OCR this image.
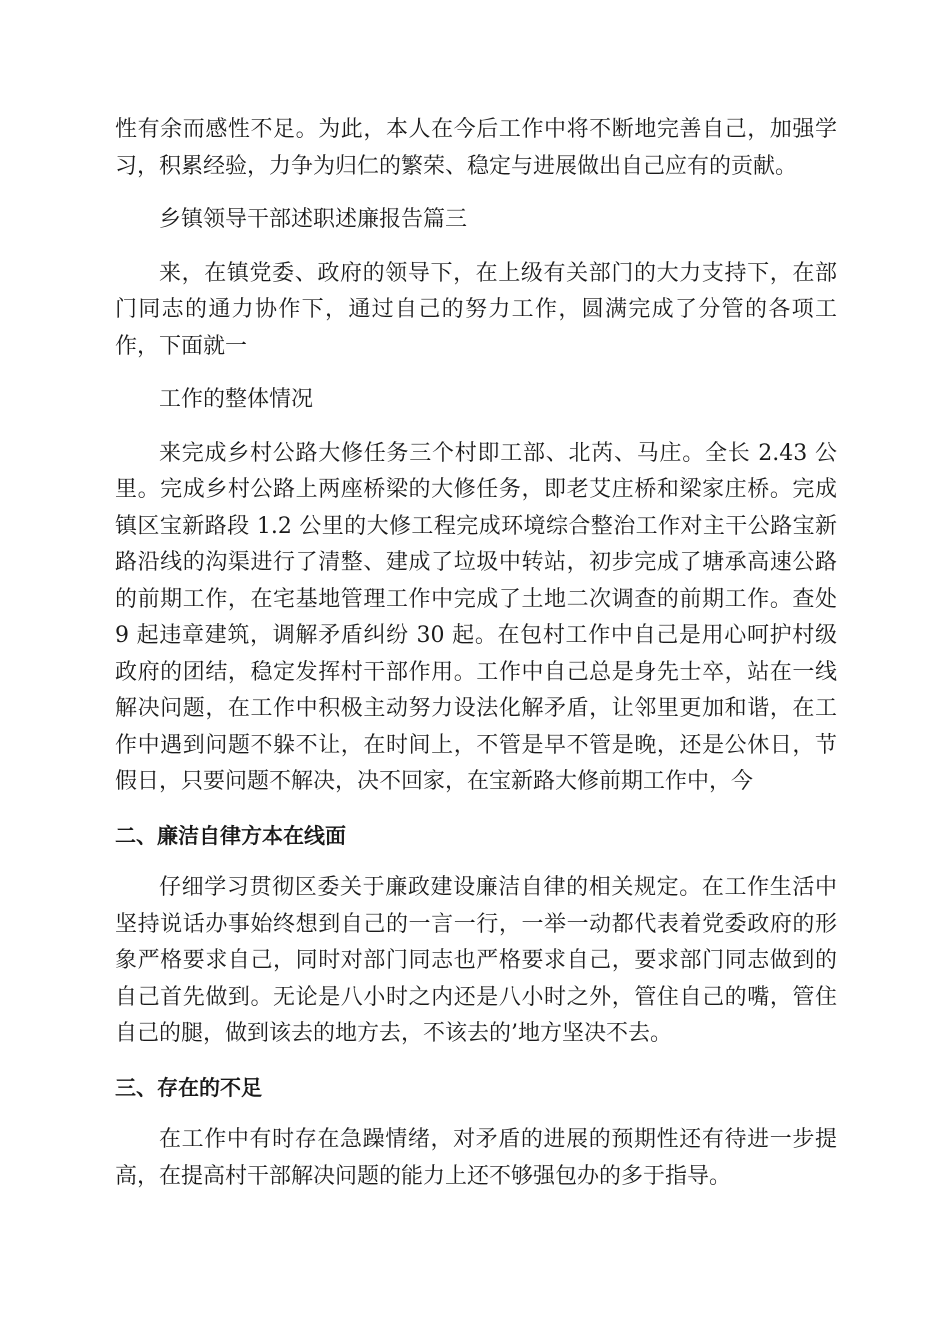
性有余而感性不足。为此，本人在今后工作中将不断地完善自己，加强学习，积累经验，力争为归仁的繁荣、稳定与进展做出自己应有的贡献。

乡镇领导干部述职述廉报告篇三

来，在镇党委、政府的领导下，在上级有关部门的大力支持下，在部门同志的通力协作下，通过自己的努力工作，圆满完成了分管的各项工作，下面就一

工作的整体情况

来完成乡村公路大修任务三个村即工部、北芮、马庄。全长 2.43 公里。完成乡村公路上两座桥梁的大修任务，即老艾庄桥和梁家庄桥。完成镇区宝新路段 1.2 公里的大修工程完成环境综合整治工作对主干公路宝新路沿线的沟渠进行了清整、建成了垃圾中转站，初步完成了塘承高速公路的前期工作，在宅基地管理工作中完成了土地二次调查的前期工作。查处 9 起违章建筑，调解矛盾纠纷 30 起。在包村工作中自己是用心呵护村级政府的团结，稳定发挥村干部作用。工作中自己总是身先士卒，站在一线解决问题，在工作中积极主动努力设法化解矛盾，让邻里更加和谐，在工作中遇到问题不躲不让，在时间上，不管是早不管是晚，还是公休日，节假日，只要问题不解决，决不回家，在宝新路大修前期工作中，今

二、廉洁自律方本在线面

仔细学习贯彻区委关于廉政建设廉洁自律的相关规定。在工作生活中坚持说话办事始终想到自己的一言一行，一举一动都代表着党委政府的形象严格要求自己，同时对部门同志也严格要求自己，要求部门同志做到的自己首先做到。无论是八小时之内还是八小时之外，管住自己的嘴，管住自己的腿，做到该去的地方去，不该去的’地方坚决不去。

三、存在的不足

在工作中有时存在急躁情绪，对矛盾的进展的预期性还有待进一步提高，在提高村干部解决问题的能力上还不够强包办的多于指导。
